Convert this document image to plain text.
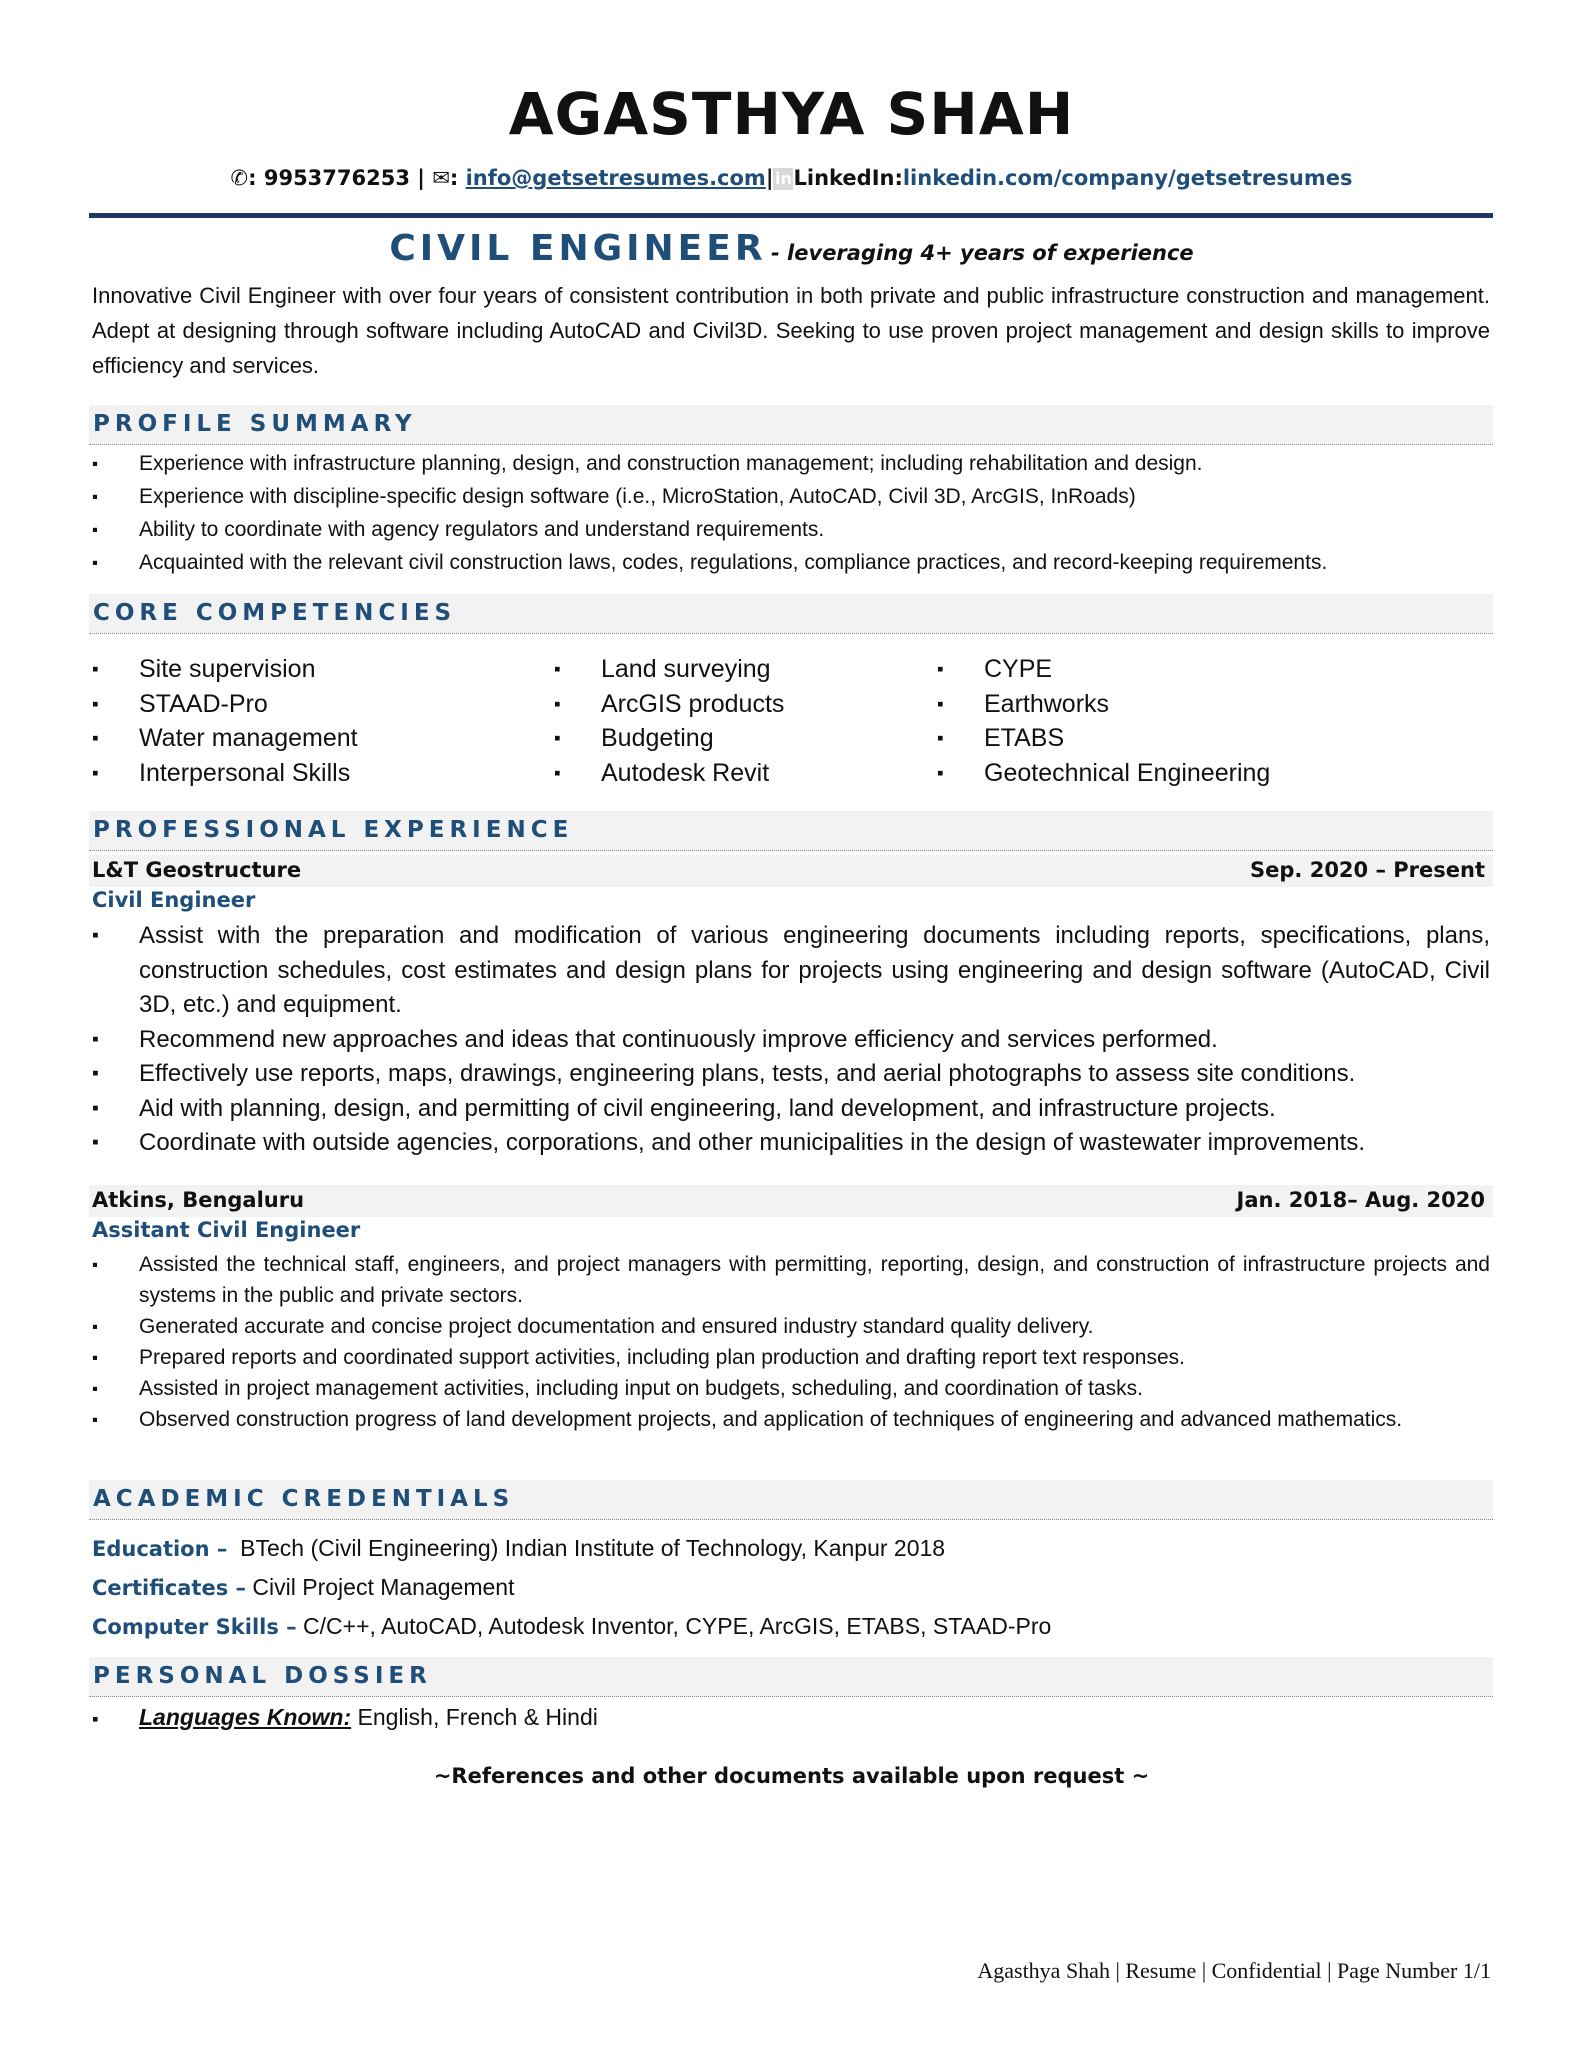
AGASTHYA SHAH
✆: 9953776253 | ✉: info@getsetresumes.com|inLinkedIn:linkedin.com/company/getsetresumes
CIVIL ENGINEER - leveraging 4+ years of experience

Innovative Civil Engineer with over four years of consistent contribution in both private and public infrastructure construction and management. Adept at designing through software including AutoCAD and Civil3D. Seeking to use proven project management and design skills to improve efficiency and services.

PROFILE SUMMARY
▪ Experience with infrastructure planning, design, and construction management; including rehabilitation and design.
▪ Experience with discipline-specific design software (i.e., MicroStation, AutoCAD, Civil 3D, ArcGIS, InRoads)
▪ Ability to coordinate with agency regulators and understand requirements.
▪ Acquainted with the relevant civil construction laws, codes, regulations, compliance practices, and record-keeping requirements.
CORE COMPETENCIES
▪ Site supervision
▪ STAAD-Pro
▪ Water management
▪ Interpersonal Skills
▪ Land surveying
▪ ArcGIS products
▪ Budgeting
▪ Autodesk Revit
▪ CYPE
▪ Earthworks
▪ ETABS
▪ Geotechnical Engineering
PROFESSIONAL EXPERIENCE
L&T Geostructure	Sep. 2020 – Present
Civil Engineer
▪ Assist with the preparation and modification of various engineering documents including reports, specifications, plans, construction schedules, cost estimates and design plans for projects using engineering and design software (AutoCAD, Civil 3D, etc.) and equipment.
▪ Recommend new approaches and ideas that continuously improve efficiency and services performed.
▪ Effectively use reports, maps, drawings, engineering plans, tests, and aerial photographs to assess site conditions.
▪ Aid with planning, design, and permitting of civil engineering, land development, and infrastructure projects.
▪ Coordinate with outside agencies, corporations, and other municipalities in the design of wastewater improvements.
Atkins, Bengaluru	Jan. 2018– Aug. 2020
Assitant Civil Engineer
▪ Assisted the technical staff, engineers, and project managers with permitting, reporting, design, and construction of infrastructure projects and systems in the public and private sectors.
▪ Generated accurate and concise project documentation and ensured industry standard quality delivery.
▪ Prepared reports and coordinated support activities, including plan production and drafting report text responses.
▪ Assisted in project management activities, including input on budgets, scheduling, and coordination of tasks.
▪ Observed construction progress of land development projects, and application of techniques of engineering and advanced mathematics.
ACADEMIC CREDENTIALS
Education – BTech (Civil Engineering) Indian Institute of Technology, Kanpur 2018
Certificates – Civil Project Management
Computer Skills – C/C++, AutoCAD, Autodesk Inventor, CYPE, ArcGIS, ETABS, STAAD-Pro
PERSONAL DOSSIER
▪ Languages Known: English, French & Hindi
~References and other documents available upon request ~
Agasthya Shah | Resume | Confidential | Page Number 1/1
